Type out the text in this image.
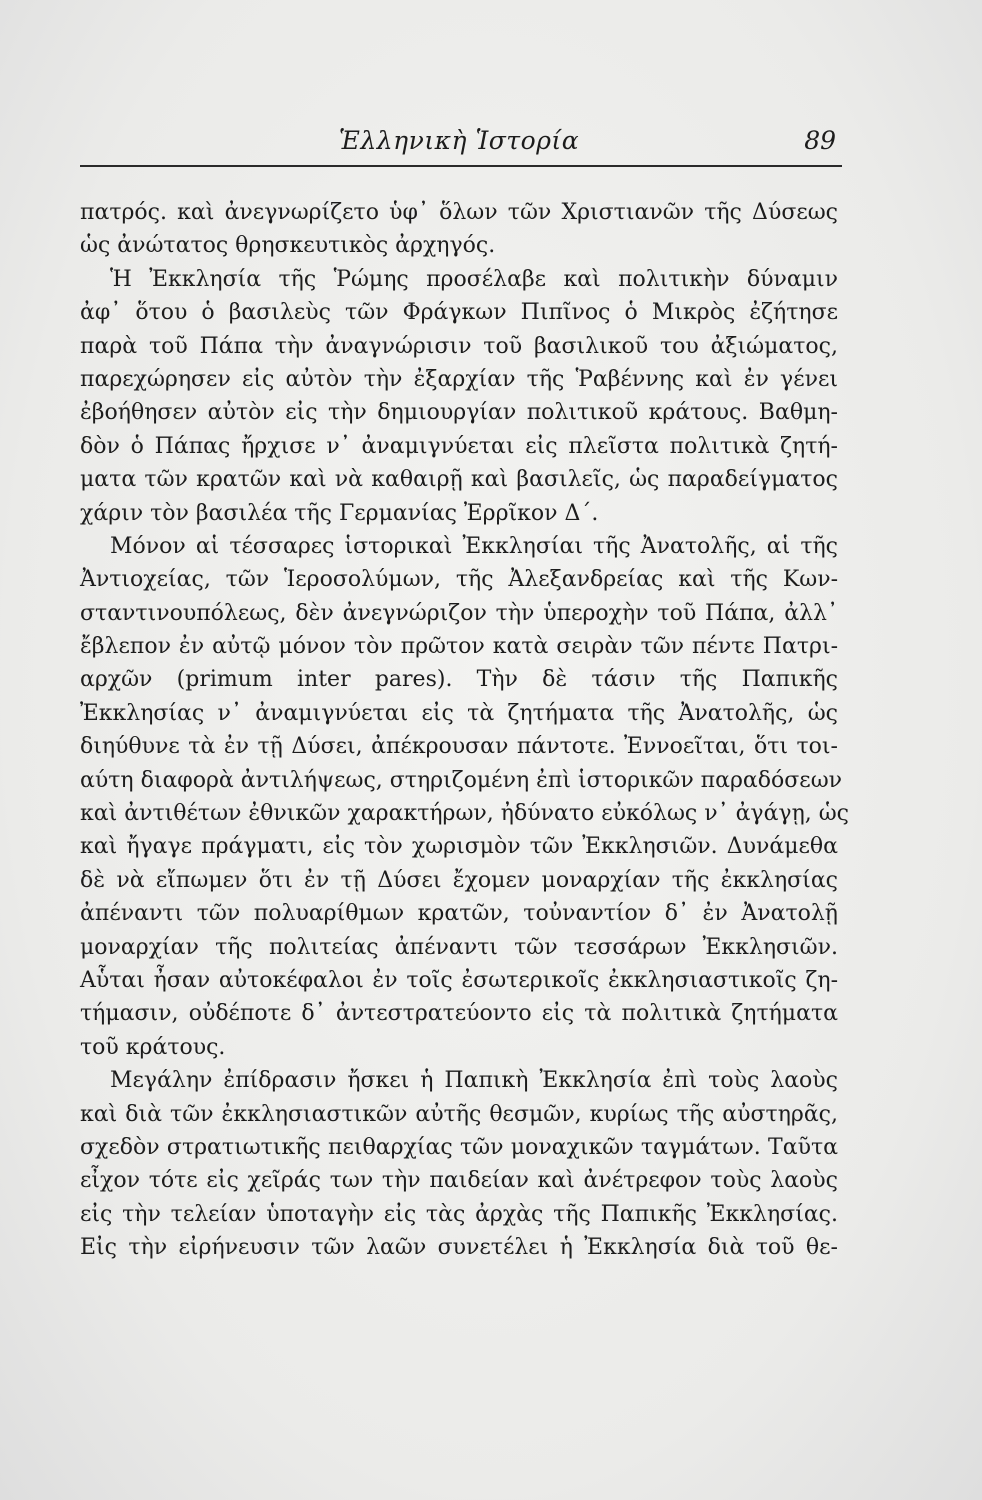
Ἑλληνικὴ Ἱστορία	89
πατρός. καὶ ἀνεγνωρίζετο ὑφ᾽ ὅλων τῶν Χριστιανῶν τῆς Δύσεως
ὡς ἀνώτατος θρησκευτικὸς ἀρχηγός.
Ἡ Ἐκκλησία τῆς Ῥώμης προσέλαβε καὶ πολιτικὴν δύναμιν
ἀφ᾽ ὅτου ὁ βασιλεὺς τῶν Φράγκων Πιπῖνος ὁ Μικρὸς ἐζήτησε
παρὰ τοῦ Πάπα τὴν ἀναγνώρισιν τοῦ βασιλικοῦ του ἀξιώματος,
παρεχώρησεν εἰς αὐτὸν τὴν ἐξαρχίαν τῆς Ῥαβέννης καὶ ἐν γένει
ἐβοήθησεν αὐτὸν εἰς τὴν δημιουργίαν πολιτικοῦ κράτους. Βαθμη-
δὸν ὁ Πάπας ἤρχισε ν᾽ ἀναμιγνύεται εἰς πλεῖστα πολιτικὰ ζητή-
ματα τῶν κρατῶν καὶ νὰ καθαιρῇ καὶ βασιλεῖς, ὡς παραδείγματος
χάριν τὸν βασιλέα τῆς Γερμανίας Ἐρρῖκον Δ´.
Μόνον αἱ τέσσαρες ἱστορικαὶ Ἐκκλησίαι τῆς Ἀνατολῆς, αἱ τῆς
Ἀντιοχείας, τῶν Ἱεροσολύμων, τῆς Ἀλεξανδρείας καὶ τῆς Κων-
σταντινουπόλεως, δὲν ἀνεγνώριζον τὴν ὑπεροχὴν τοῦ Πάπα, ἀλλ᾽
ἔβλεπον ἐν αὐτῷ μόνον τὸν πρῶτον κατὰ σειρὰν τῶν πέντε Πατρι-
αρχῶν (primum inter pares). Τὴν δὲ τάσιν τῆς Παπικῆς
Ἐκκλησίας ν᾽ ἀναμιγνύεται εἰς τὰ ζητήματα τῆς Ἀνατολῆς, ὡς
διηύθυνε τὰ ἐν τῇ Δύσει, ἀπέκρουσαν πάντοτε. Ἐννοεῖται, ὅτι τοι-
αύτη διαφορὰ ἀντιλήψεως, στηριζομένη ἐπὶ ἱστορικῶν παραδόσεων
καὶ ἀντιθέτων ἐθνικῶν χαρακτήρων, ἠδύνατο εὐκόλως ν᾽ ἀγάγῃ, ὡς
καὶ ἤγαγε πράγματι, εἰς τὸν χωρισμὸν τῶν Ἐκκλησιῶν. Δυνάμεθα
δὲ νὰ εἴπωμεν ὅτι ἐν τῇ Δύσει ἔχομεν μοναρχίαν τῆς ἐκκλησίας
ἀπέναντι τῶν πολυαρίθμων κρατῶν, τοὐναντίον δ᾽ ἐν Ἀνατολῇ
μοναρχίαν τῆς πολιτείας ἀπέναντι τῶν τεσσάρων Ἐκκλησιῶν.
Αὗται ἦσαν αὐτοκέφαλοι ἐν τοῖς ἐσωτερικοῖς ἐκκλησιαστικοῖς ζη-
τήμασιν, οὐδέποτε δ᾽ ἀντεστρατεύοντο εἰς τὰ πολιτικὰ ζητήματα
τοῦ κράτους.
Μεγάλην ἐπίδρασιν ἤσκει ἡ Παπικὴ Ἐκκλησία ἐπὶ τοὺς λαοὺς
καὶ διὰ τῶν ἐκκλησιαστικῶν αὐτῆς θεσμῶν, κυρίως τῆς αὐστηρᾶς,
σχεδὸν στρατιωτικῆς πειθαρχίας τῶν μοναχικῶν ταγμάτων. Ταῦτα
εἶχον τότε εἰς χεῖράς των τὴν παιδείαν καὶ ἀνέτρεφον τοὺς λαοὺς
εἰς τὴν τελείαν ὑποταγὴν εἰς τὰς ἀρχὰς τῆς Παπικῆς Ἐκκλησίας.
Εἰς τὴν εἰρήνευσιν τῶν λαῶν συνετέλει ἡ Ἐκκλησία διὰ τοῦ θε-
